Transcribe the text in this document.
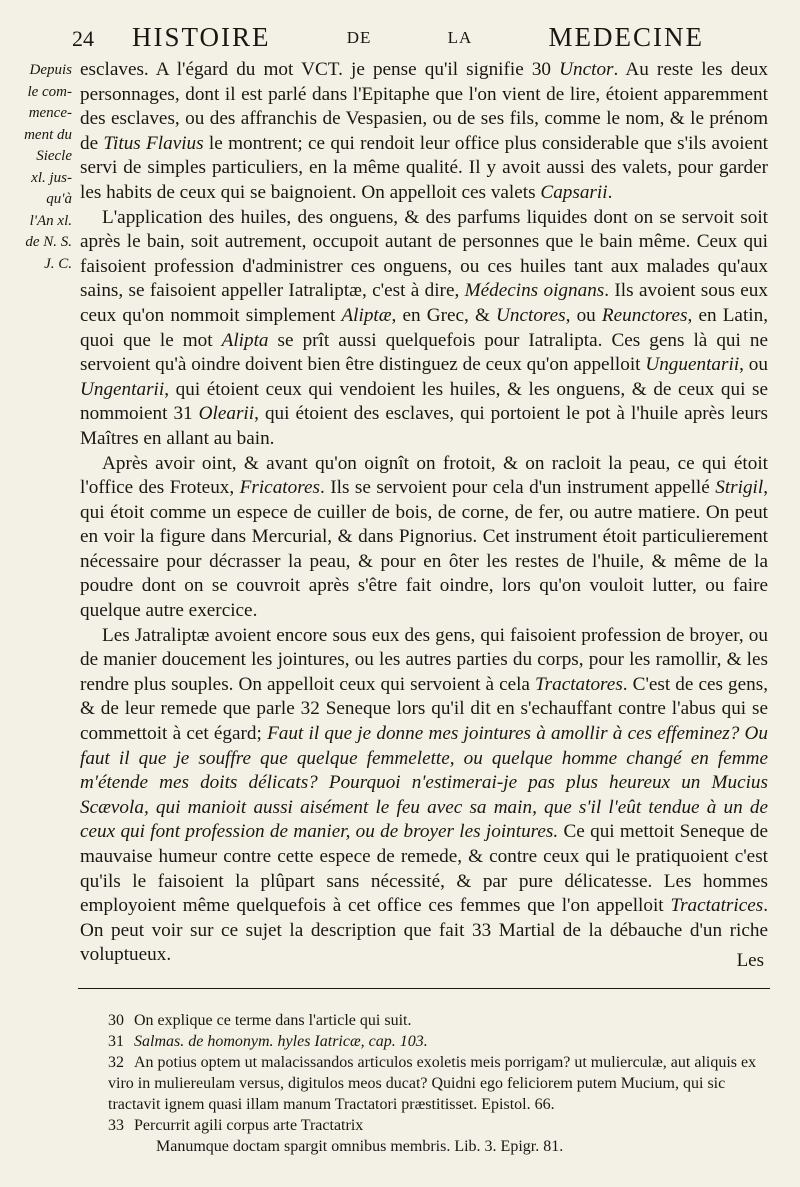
24 HISTOIRE	DE	LA	MEDECINE
Depuis
le com-
mence-
ment du
Siecle
xl. jus-
qu'à
l'An xl.
de N. S.
J. C.

esclaves. A l'égard du mot VCT. je pense qu'il signifie 30 Unctor. Au reste les deux personnages, dont il est parlé dans l'Epitaphe que l'on vient de lire, étoient apparemment des esclaves, ou des affranchis de Vespasien, ou de ses fils, comme le nom, & le prénom de Titus Flavius le montrent; ce qui rendoit leur office plus considerable que s'ils avoient servi de simples particuliers, en la même qualité. Il y avoit aussi des valets, pour garder les habits de ceux qui se baignoient. On appelloit ces valets Capsarii.

L'application des huiles, des onguens, & des parfums liquides dont on se servoit soit après le bain, soit autrement, occupoit autant de personnes que le bain même. Ceux qui faisoient profession d'administrer ces onguens, ou ces huiles tant aux malades qu'aux sains, se faisoient appeller Iatraliptæ, c'est à dire, Médecins oignans. Ils avoient sous eux ceux qu'on nommoit simplement Aliptæ, en Grec, & Unctores, ou Reunctores, en Latin, quoi que le mot Alipta se prît aussi quelquefois pour Iatralipta. Ces gens là qui ne servoient qu'à oindre doivent bien être distinguez de ceux qu'on appelloit Unguentarii, ou Ungentarii, qui étoient ceux qui vendoient les huiles, & les onguens, & de ceux qui se nommoient 31 Olearii, qui étoient des esclaves, qui portoient le pot à l'huile après leurs Maîtres en allant au bain.

Après avoir oint, & avant qu'on oignît on frotoit, & on racloit la peau, ce qui étoit l'office des Froteux, Fricatores. Ils se servoient pour cela d'un instrument appellé Strigil, qui étoit comme un espece de cuiller de bois, de corne, de fer, ou autre matiere. On peut en voir la figure dans Mercurial, & dans Pignorius. Cet instrument étoit particulierement nécessaire pour décrasser la peau, & pour en ôter les restes de l'huile, & même de la poudre dont on se couvroit après s'être fait oindre, lors qu'on vouloit lutter, ou faire quelque autre exercice.

Les Jatraliptæ avoient encore sous eux des gens, qui faisoient profession de broyer, ou de manier doucement les jointures, ou les autres parties du corps, pour les ramollir, & les rendre plus souples. On appelloit ceux qui servoient à cela Tractatores. C'est de ces gens, & de leur remede que parle 32 Seneque lors qu'il dit en s'echauffant contre l'abus qui se commettoit à cet égard; Faut il que je donne mes jointures à amollir à ces effeminez? Ou faut il que je souffre que quelque femmelette, ou quelque homme changé en femme m'étende mes doits délicats? Pourquoi n'estimerai-je pas plus heureux un Mucius Scævola, qui manioit aussi aisément le feu avec sa main, que s'il l'eût tendue à un de ceux qui font profession de manier, ou de broyer les jointures. Ce qui mettoit Seneque de mauvaise humeur contre cette espece de remede, & contre ceux qui le pratiquoient c'est qu'ils le faisoient la plûpart sans nécessité, & par pure délicatesse. Les hommes employoient même quelquefois à cet office ces femmes que l'on appelloit Tractatrices. On peut voir sur ce sujet la description que fait 33 Martial de la débauche d'un riche voluptueux.	Les
30 On explique ce terme dans l'article qui suit.
31 Salmas. de homonym. hyles Iatricæ, cap. 103.
32 An potius optem ut malacissandos articulos exoletis meis porrigam? ut mulierculæ, aut aliquis ex viro in muliereulam versus, digitulos meos ducat? Quidni ego feliciorem putem Mucium, qui sic tractavit ignem quasi illam manum Tractatori præstitisset. Epistol. 66.
33 Percurrit agili corpus arte Tractatrix
Manumque doctam spargit omnibus membris. Lib. 3. Epigr. 81.
